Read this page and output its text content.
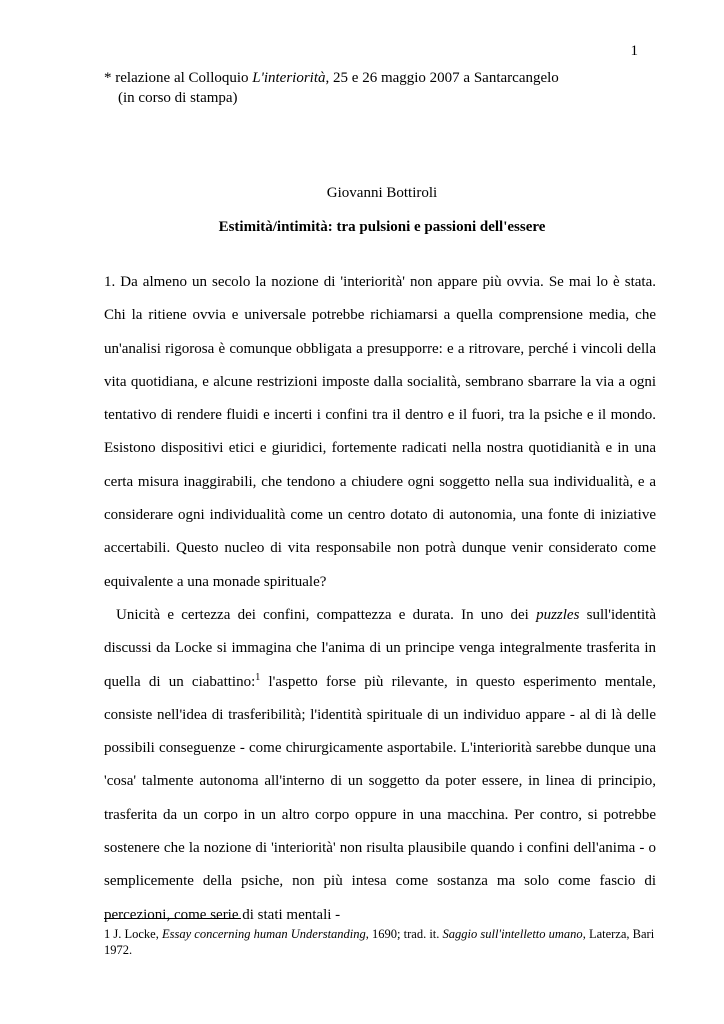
1
* relazione al Colloquio L'interiorità, 25 e 26 maggio 2007 a Santarcangelo
(in corso di stampa)
Giovanni Bottiroli
Estimità/intimità: tra pulsioni e passioni dell'essere

1. Da almeno un secolo la nozione di 'interiorità' non appare più ovvia. Se mai lo è stata. Chi la ritiene ovvia e universale potrebbe richiamarsi a quella comprensione media, che un'analisi rigorosa è comunque obbligata a presupporre: e a ritrovare, perché i vincoli della vita quotidiana, e alcune restrizioni imposte dalla socialità, sembrano sbarrare la via a ogni tentativo di rendere fluidi e incerti i confini tra il dentro e il fuori, tra la psiche e il mondo. Esistono dispositivi etici e giuridici, fortemente radicati nella nostra quotidianità e in una certa misura inaggirabili, che tendono a chiudere ogni soggetto nella sua individualità, e a considerare ogni individualità come un centro dotato di autonomia, una fonte di iniziative accertabili. Questo nucleo di vita responsabile non potrà dunque venir considerato come equivalente a una monade spirituale?

Unicità e certezza dei confini, compattezza e durata. In uno dei puzzles sull'identità discussi da Locke si immagina che l'anima di un principe venga integralmente trasferita in quella di un ciabattino:$^1$ l'aspetto forse più rilevante, in questo esperimento mentale, consiste nell'idea di trasferibilità; l'identità spirituale di un individuo appare - al di là delle possibili conseguenze - come chirurgicamente asportabile. L'interiorità sarebbe dunque una 'cosa' talmente autonoma all'interno di un soggetto da poter essere, in linea di principio, trasferita da un corpo in un altro corpo oppure in una macchina. Per contro, si potrebbe sostenere che la nozione di 'interiorità' non risulta plausibile quando i confini dell'anima - o semplicemente della psiche, non più intesa come sostanza ma solo come fascio di percezioni, come serie di stati mentali -

1 J. Locke, Essay concerning human Understanding, 1690; trad. it. Saggio sull'intelletto umano, Laterza, Bari 1972.
